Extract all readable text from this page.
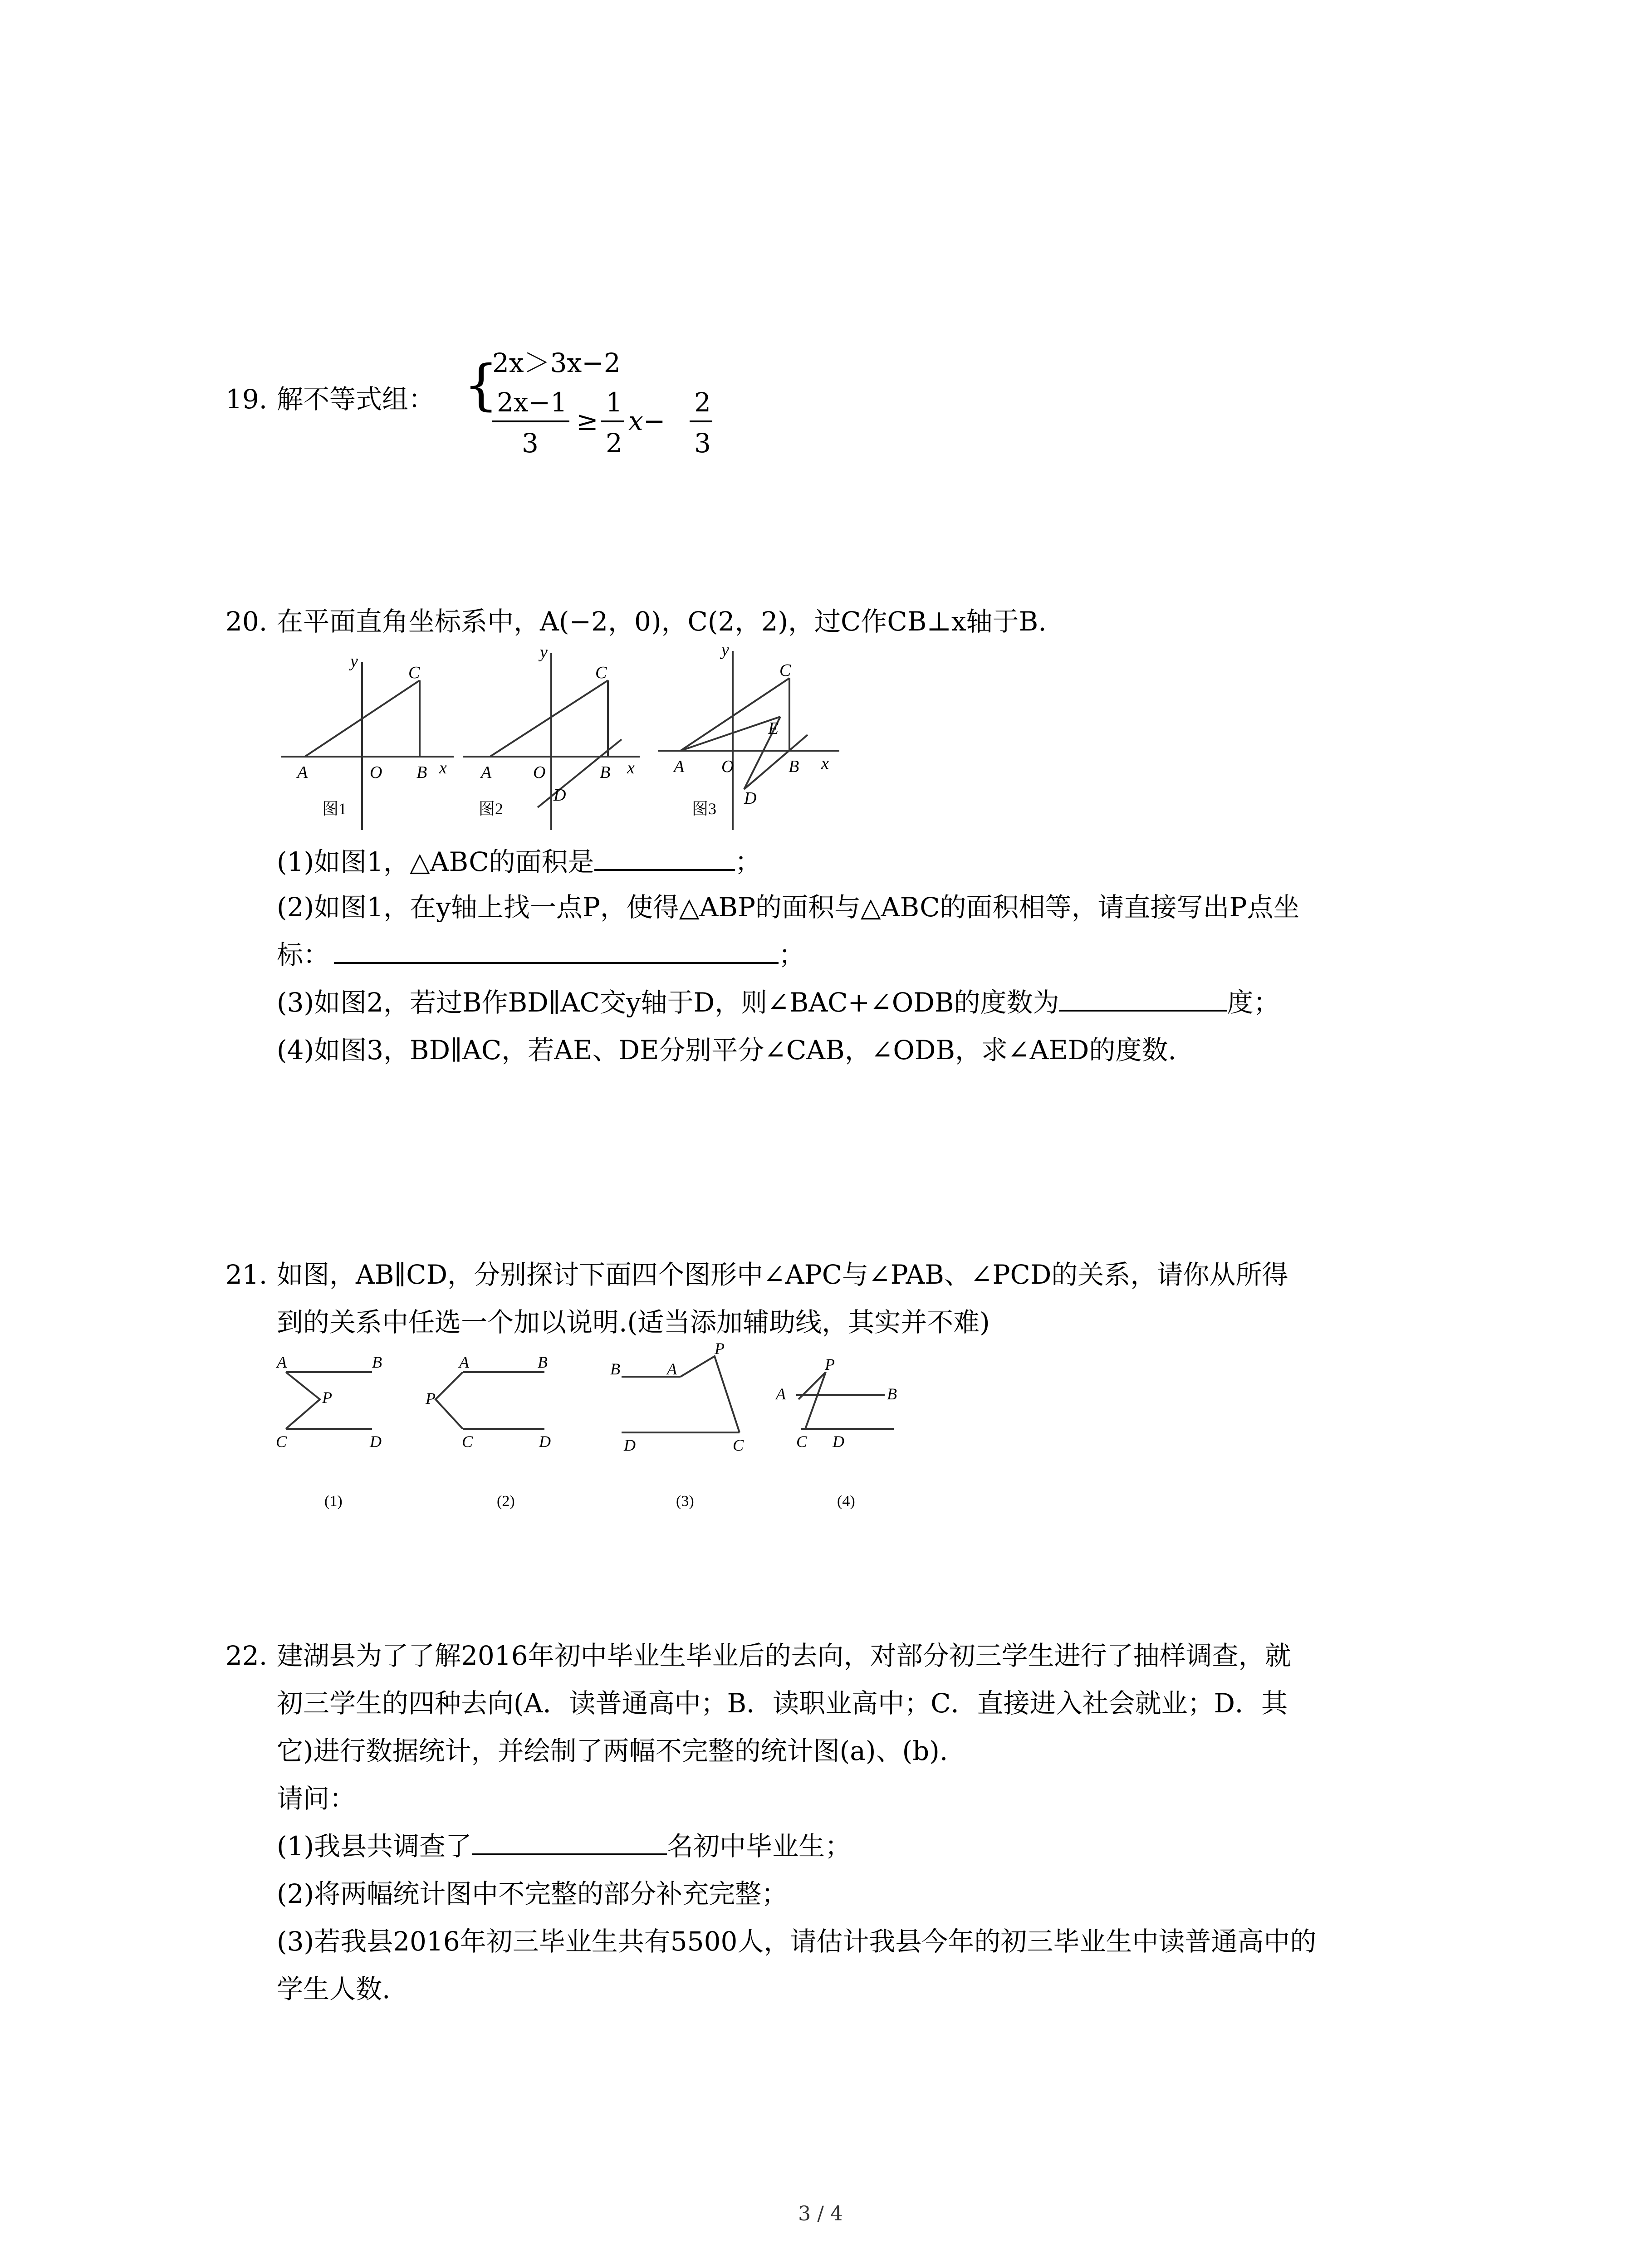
19. 解不等式组： {
2x＞3x−2
2x−1
3
≥
1
2
x−
2
3
20. 在平面直角坐标系中，A(−2，0)，C(2，2)，过C作CB⊥x轴于B.
y
C
A	O B x
图1
y
C
A O	B x
D
图2
y
C
E
A O	B x
D
图3
(1)如图1，△ABC的面积是	；
(2)如图1，在y轴上找一点P，使得△ABP的面积与△ABC的面积相等，请直接写出P点坐
标：	；
(3)如图2，若过B作BD∥AC交y轴于D，则∠BAC+∠ODB的度数为	度；
(4)如图3，BD∥AC，若AE、DE分别平分∠CAB，∠ODB，求∠AED的度数.
21. 如图，AB∥CD，分别探讨下面四个图形中∠APC与∠PAB、∠PCD的关系，请你从所得
到的关系中任选一个加以说明.(适当添加辅助线，其实并不难)
A	B
P
C	D
(1)
A	B
P
C	D
(2)
P
B	A
D	C
(3)
P
A	B
C D
(4)
22. 建湖县为了了解2016年初中毕业生毕业后的去向，对部分初三学生进行了抽样调查，就
初三学生的四种去向(A．读普通高中；B．读职业高中；C．直接进入社会就业；D．其
它)进行数据统计，并绘制了两幅不完整的统计图(a)、(b).
请问：
(1)我县共调查了	名初中毕业生；
(2)将两幅统计图中不完整的部分补充完整；
(3)若我县2016年初三毕业生共有5500人，请估计我县今年的初三毕业生中读普通高中的
学生人数.
3 / 4
